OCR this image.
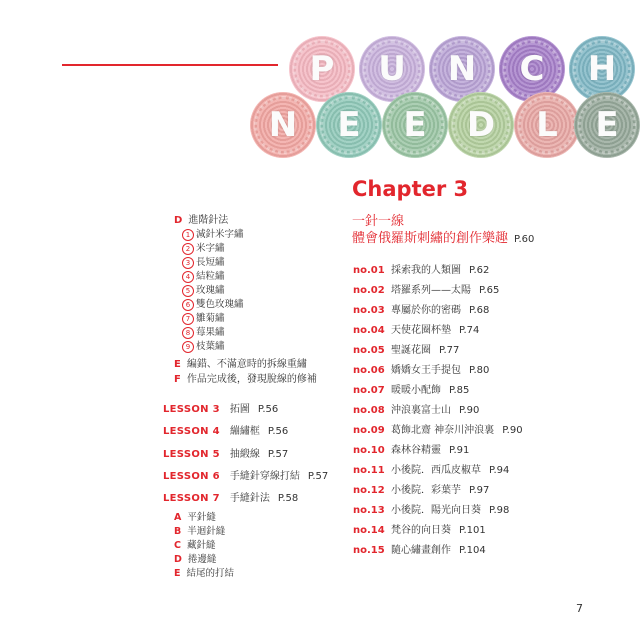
P U N C H
N E E D L E
D 進階針法
1 減針米字繡
2 米字繡
3 長短繡
4 結粒繡
5 玫瑰繡
6 雙色玫瑰繡
7 雛菊繡
8 莓果繡
9 枝葉繡
E 編錯、不滿意時的拆線重繡
F 作品完成後，發現脫線的修補
LESSON 3 拓圖 P.56
LESSON 4 繃繡框 P.56
LESSON 5 抽緞線 P.57
LESSON 6 手縫針穿線打結 P.57
LESSON 7 手縫針法 P.58
A 平針縫
B 半迴針縫
C 藏針縫
D 捲邊縫
E 結尾的打結
Chapter 3
一針一線
體會俄羅斯刺繡的創作樂趣 P.60
no.01 採索我的人類圖 P.62
no.02 塔羅系列——太陽 P.65
no.03 專屬於你的密碼 P.68
no.04 天使花圈杯墊 P.74
no.05 聖誕花圈 P.77
no.06 嬌嬌女王手提包 P.80
no.07 暖暖小配飾 P.85
no.08 沖浪裏富士山 P.90
no.09 葛飾北齋 神奈川沖浪裏 P.90
no.10 森林谷精靈 P.91
no.11 小後院．西瓜皮椒草 P.94
no.12 小後院．彩葉芋 P.97
no.13 小後院．陽光向日葵 P.98
no.14 梵谷的向日葵 P.101
no.15 隨心繡畫創作 P.104
7
